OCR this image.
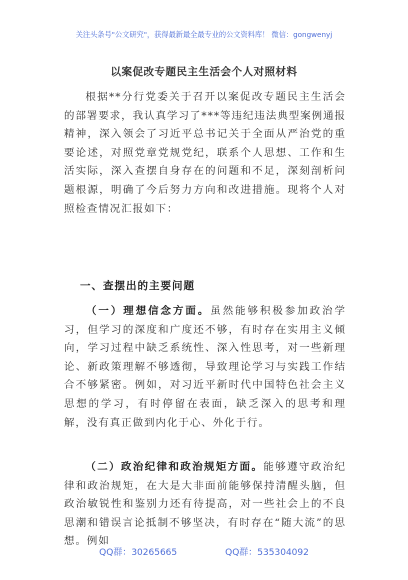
关注头条号"公文研究"，获得最新最全最专业的公文资料库！ 微信：gongwenyj
以案促改专题民主生活会个人对照材料
根据**分行党委关于召开以案促改专题民主生活会的部署要求，我认真学习了***等违纪违法典型案例通报精神，深入领会了习近平总书记关于全面从严治党的重要论述，对照党章党规党纪，联系个人思想、工作和生活实际，深入查摆自身存在的问题和不足，深刻剖析问题根源，明确了今后努力方向和改进措施。现将个人对照检查情况汇报如下：
一、查摆出的主要问题
（一）理想信念方面。虽然能够积极参加政治学习，但学习的深度和广度还不够，有时存在实用主义倾向，学习过程中缺乏系统性、深入性思考，对一些新理论、新政策理解不够透彻，导致理论学习与实践工作结合不够紧密。例如，对习近平新时代中国特色社会主义思想的学习，有时停留在表面，缺乏深入的思考和理解，没有真正做到内化于心、外化于行。
（二）政治纪律和政治规矩方面。能够遵守政治纪律和政治规矩，在大是大非面前能够保持清醒头脑，但政治敏锐性和鉴别力还有待提高，对一些社会上的不良思潮和错误言论抵制不够坚决，有时存在“随大流”的思想。例如
QQ群：30265665	QQ群：535304092
